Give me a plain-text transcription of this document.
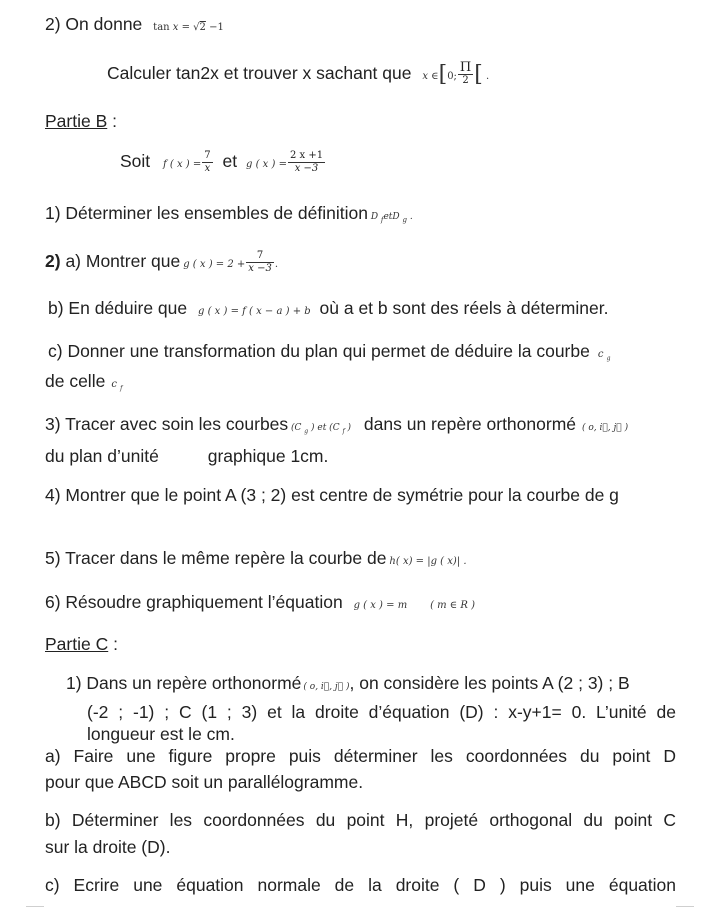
2) On donne tan x = √2 −1
Calculer tan2x et trouver x sachant que x ∈[0; $\frac{\Pi}{2}$ [ .
Partie B :
Soit f ( x ) = $\frac{7}{x}$ et g ( x ) = $\frac{2 x +1}{x -3}$
1) Déterminer les ensembles de définition D $_f$etD $_g$ .
2) a) Montrer que g ( x ) = $2 + \frac{7}{x -3}$ .
b) En déduire que g ( x ) = f ( x − a ) + b où a et b sont des réels à déterminer.
c) Donner une transformation du plan qui permet de déduire la courbe c $_g$
de celle c $_f$
3) Tracer avec soin les courbes (C $_g$ ) et (C $_f$ ) dans un repère orthonormé ( o, i⃗, j⃗ )
du plan d’unité	graphique 1cm.
4) Montrer que le point A (3 ; 2) est centre de symétrie pour la courbe de g
5) Tracer dans le même repère la courbe de h( x) = |g ( x)| .
6) Résoudre graphiquement l’équation g ( x ) = m ( m ∈ R )
Partie C :
1) Dans un repère orthonormé ( o, i⃗, j⃗ ), on considère les points A (2 ; 3) ; B
(-2 ; -1) ; C (1 ; 3) et la droite d’équation (D) : x-y+1= 0. L’unité de
longueur est le cm.
a) Faire une figure propre puis déterminer les coordonnées du point D
pour que ABCD soit un parallélogramme.
b) Déterminer les coordonnées du point H, projeté orthogonal du point C
sur la droite (D).
c) Ecrire une équation normale de la droite ( D ) puis une équation
